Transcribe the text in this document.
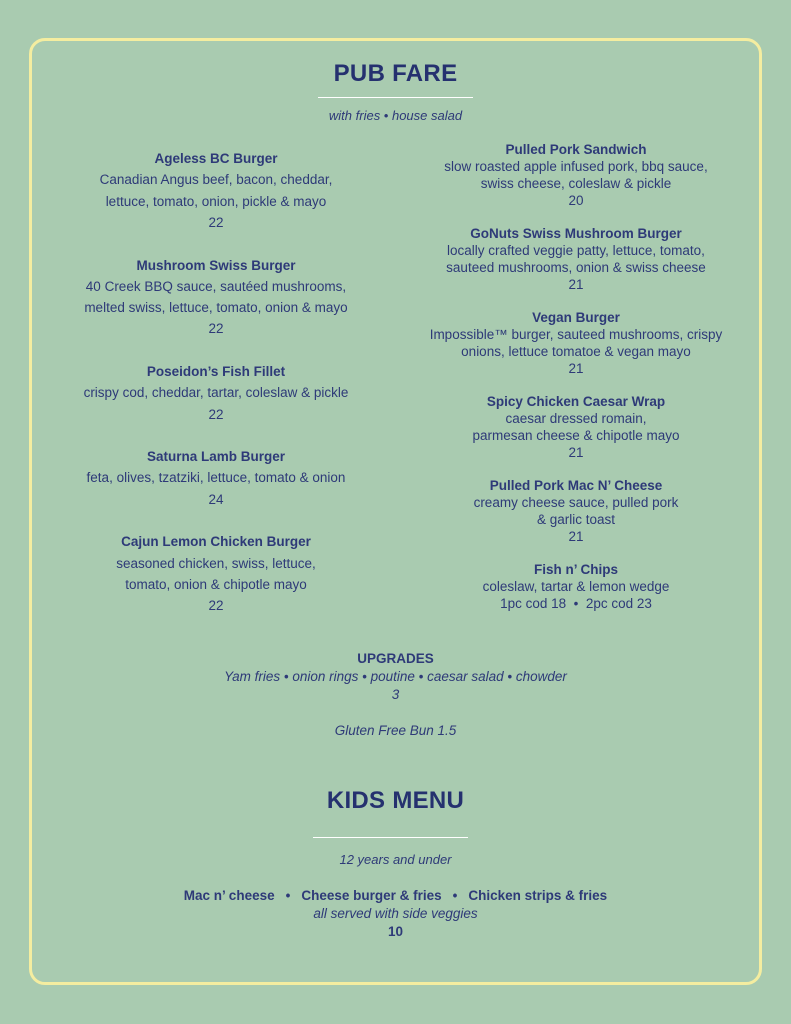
PUB FARE
with fries • house salad
Ageless BC Burger
Canadian Angus beef, bacon, cheddar,
lettuce, tomato, onion, pickle & mayo
22
Mushroom Swiss Burger
40 Creek BBQ sauce, sautéed mushrooms,
melted swiss, lettuce, tomato, onion & mayo
22
Poseidon’s Fish Fillet
crispy cod, cheddar, tartar, coleslaw & pickle
22
Saturna Lamb Burger
feta, olives, tzatziki, lettuce, tomato & onion
24
Cajun Lemon Chicken Burger
seasoned chicken, swiss, lettuce,
tomato, onion & chipotle mayo
22
Pulled Pork Sandwich
slow roasted apple infused pork, bbq sauce,
swiss cheese, coleslaw & pickle
20
GoNuts Swiss Mushroom Burger
locally crafted veggie patty, lettuce, tomato,
sauteed mushrooms, onion & swiss cheese
21
Vegan Burger
Impossible™ burger, sauteed mushrooms, crispy
onions, lettuce tomatoe & vegan mayo
21
Spicy Chicken Caesar Wrap
caesar dressed romain,
parmesan cheese & chipotle mayo
21
Pulled Pork Mac N’ Cheese
creamy cheese sauce, pulled pork
& garlic toast
21
Fish n’ Chips
coleslaw, tartar & lemon wedge
1pc cod 18  •  2pc cod 23
UPGRADES
Yam fries • onion rings • poutine • caesar salad • chowder
3
Gluten Free Bun 1.5
KIDS MENU
12 years and under
Mac n’ cheese • Cheese burger & fries • Chicken strips & fries
all served with side veggies
10
